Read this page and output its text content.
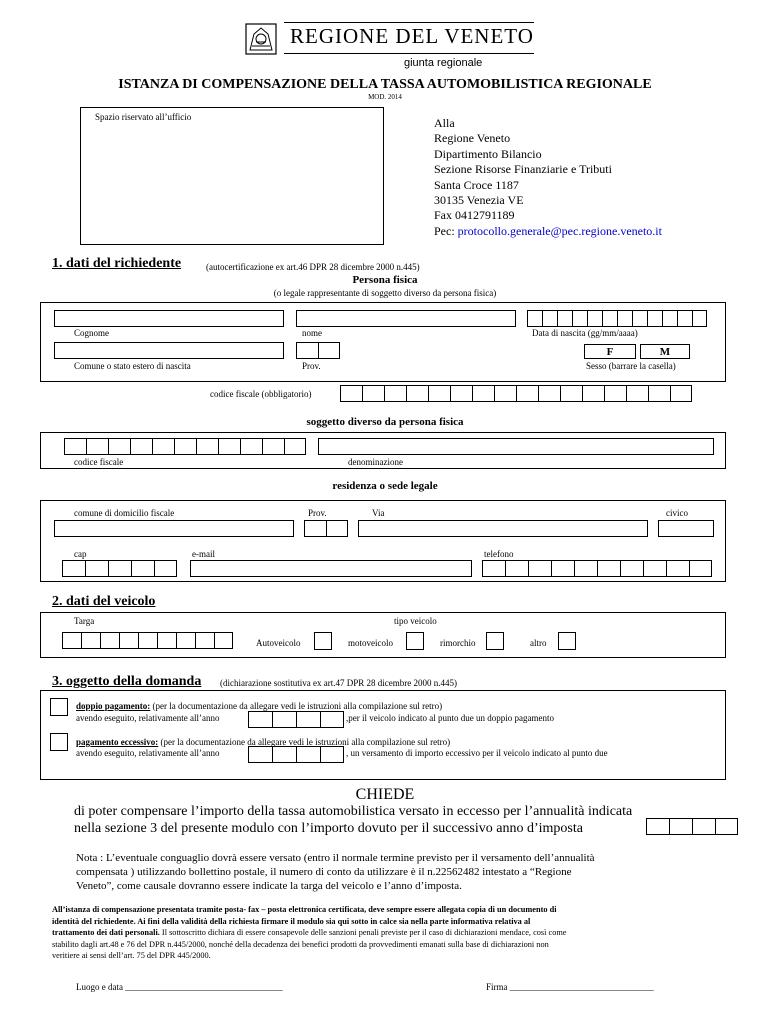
REGIONE DEL VENETO
giunta regionale
ISTANZA DI COMPENSAZIONE DELLA TASSA AUTOMOBILISTICA REGIONALE
MOD. 2014
Spazio riservato all’ufficio	Alla
Regione Veneto
Dipartimento Bilancio
Sezione Risorse Finanziarie e Tributi
Santa Croce 1187
30135 Venezia VE
Fax 0412791189
Pec: protocollo.generale@pec.regione.veneto.it
1. dati del richiedente	(autocertificazione ex art.46 DPR 28 dicembre 2000 n.445)
Persona fisica
(o legale rappresentante di soggetto diverso da persona fisica)
Cognome	nome	Data di nascita (gg/mm/aaaa)
F	M
Comune o stato estero di nascita	Prov.	Sesso (barrare la casella)
codice fiscale (obbligatorio)
soggetto diverso da persona fisica
codice fiscale	denominazione
residenza o sede legale
comune di domicilio fiscale	Prov.	Via	civico
cap	e-mail	telefono
2. dati del veicolo
Targa	tipo veicolo
Autoveicolo	motoveicolo	rimorchio	altro
3. oggetto della domanda (dichiarazione sostitutiva ex art.47 DPR 28 dicembre 2000 n.445)
doppio pagamento: (per la documentazione da allegare vedi le istruzioni alla compilazione sul retro)
avendo eseguito, relativamente all’anno	,per il veicolo indicato al punto due un doppio pagamento
pagamento eccessivo: (per la documentazione da allegare vedi le istruzioni alla compilazione sul retro)
avendo eseguito, relativamente all’anno	, un versamento di importo eccessivo per il veicolo indicato al punto due
CHIEDE
di poter compensare l’importo della tassa automobilistica versato in eccesso per l’annualità indicata
nella sezione 3 del presente modulo con l’importo dovuto per il successivo anno d’imposta
Nota : L’eventuale conguaglio dovrà essere versato (entro il normale termine previsto per il versamento dell’annualità
compensata ) utilizzando bollettino postale, il numero di conto da utilizzare è il n.22562482 intestato a “Regione
Veneto”, come causale dovranno essere indicate la targa del veicolo e l’anno d’imposta.
All’istanza di compensazione presentata tramite posta- fax – posta elettronica certificata, deve sempre essere allegata copia di un documento di
identità del richiedente. Ai fini della validità della richiesta firmare il modulo sia qui sotto in calce sia nella parte informativa relativa al
trattamento dei dati personali. Il sottoscritto dichiara di essere consapevole delle sanzioni penali previste per il caso di dichiarazioni mendace, così come
stabilito dagli art.48 e 76 del DPR n.445/2000, nonché della decadenza dei benefici prodotti da provvedimenti emanati sulla base di dichiarazioni non
veritiere ai sensi dell’art. 75 del DPR 445/2000.
Luogo e data ___________________________________	Firma ________________________________
